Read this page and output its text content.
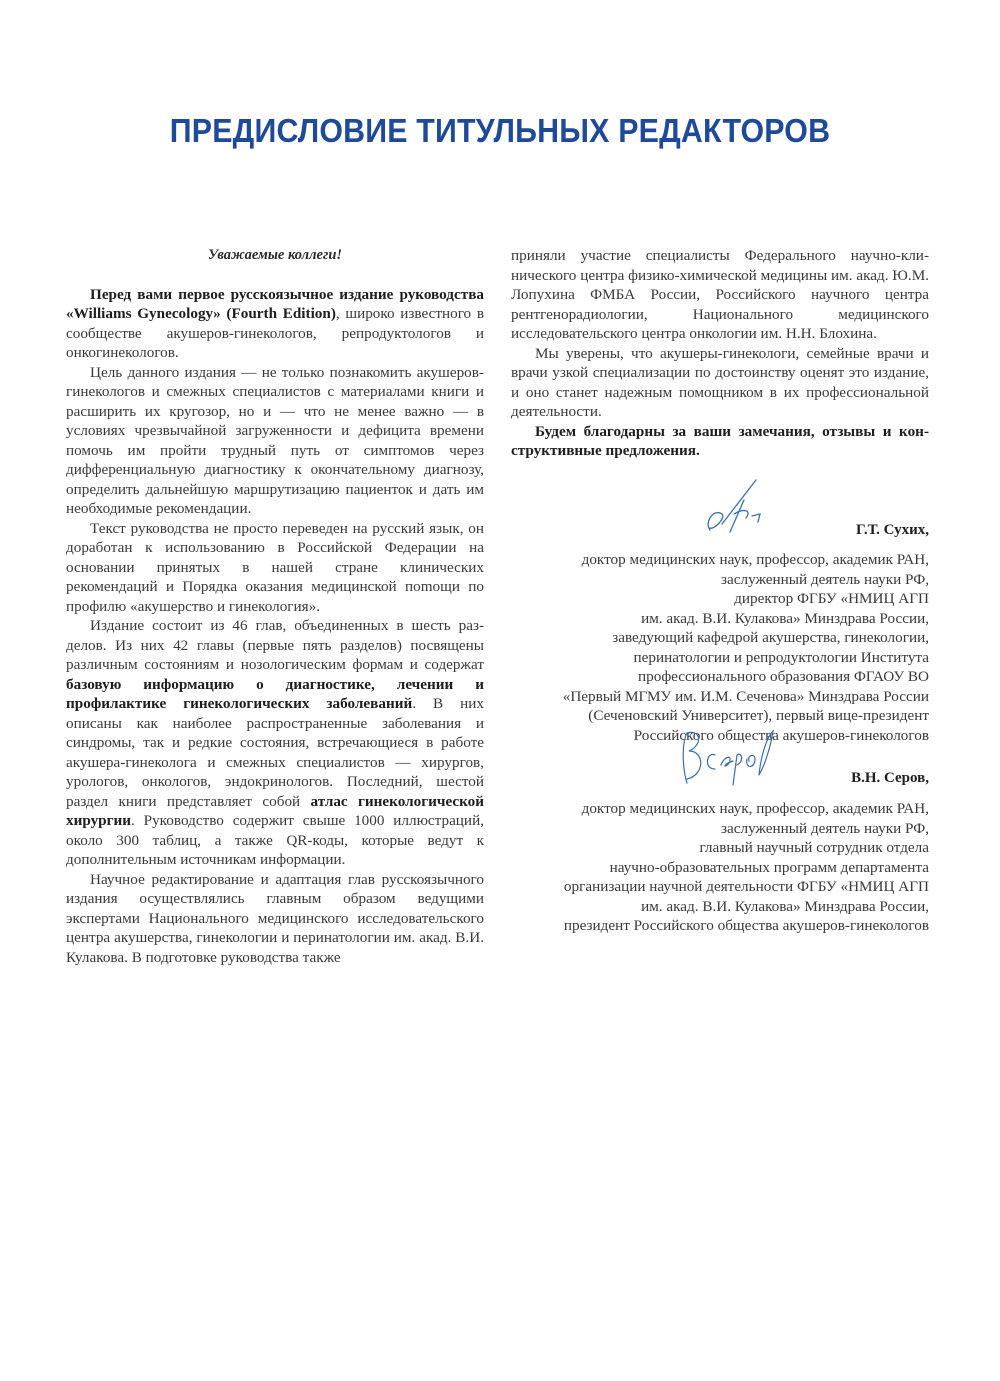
ПРЕДИСЛОВИЕ ТИТУЛЬНЫХ РЕДАКТОРОВ
Уважаемые коллеги!

Перед вами первое русскоязычное издание руководства «Williams Gynecology» (Fourth Edition), широко известного в сообществе акушеров-гинекологов, репродуктологов и онкогинекологов.

Цель данного издания — не только познакомить акушеров-гинекологов и смежных специалистов с материалами книги и расширить их кругозор, но и — что не менее важно — в условиях чрезвычайной загруженности и дефицита времени помочь им пройти трудный путь от симптомов через дифференциальную диагностику к окончательному диагнозу, определить дальнейшую маршрутизацию пациенток и дать им необходимые рекомендации.

Текст руководства не просто переведен на русский язык, он доработан к использованию в Российской Федерации на основании принятых в нашей стране клинических рекомендаций и Порядка оказания медицинской поmощи по профилю «акушерство и гинекология».

Издание состоит из 46 глав, объединенных в шесть разделов. Из них 42 главы (первые пять разделов) посвящены различным состояниям и нозологическим формам и содержат базовую информацию о диагностике, лечении и профилактике гинекологических заболеваний. В них описаны как наиболее распространенные заболевания и синдромы, так и редкие состояния, встречающиеся в работе акушера-гинеколога и смежных специалистов — хирургов, урологов, онкологов, эндокринологов. Последний, шестой раздел книги представляет собой атлас гинекологической хирургии. Руководство содержит свыше 1000 иллюстраций, около 300 таблиц, а также QR-коды, которые ведут к дополнительным источникам информации.

Научное редактирование и адаптация глав русскоязычного издания осуществлялись главным образом ведущими экспертами Национального медицинского исследовательского центра акушерства, гинекологии и перинатологии им. акад. В.И. Кулакова. В подготовке руководства также

приняли участие специалисты Федерального научно-клинического центра физико-химической медицины им. акад. Ю.М. Лопухина ФМБА России, Российского научного центра рентгенорадиологии, Национального медицинского исследовательского центра онкологии им. Н.Н. Блохина.

Мы уверены, что акушеры-гинекологи, семейные врачи и врачи узкой специализации по достоинству оценят это издание, и оно станет надежным помощником в их профессиональной деятельности.

Будем благодарны за ваши замечания, отзывы и конструктивные предложения.

Г.Т. Сухих,
доктор медицинских наук, профессор, академик РАН,
заслуженный деятель науки РФ,
директор ФГБУ «НМИЦ АГП
им. акад. В.И. Кулакова» Минздрава России,
заведующий кафедрой акушерства, гинекологии,
перинатологии и репродуктологии Института
профессионального образования ФГАОУ ВО
«Первый МГМУ им. И.М. Сеченова» Минздрава России
(Сеченовский Университет), первый вице-президент
Российского общества акушеров-гинекологов
В.Н. Серов,
доктор медицинских наук, профессор, академик РАН,
заслуженный деятель науки РФ,
главный научный сотрудник отдела
научно-образовательных программ департамента
организации научной деятельности ФГБУ «НМИЦ АГП
им. акад. В.И. Кулакова» Минздрава России,
президент Российского общества акушеров-гинекологов
